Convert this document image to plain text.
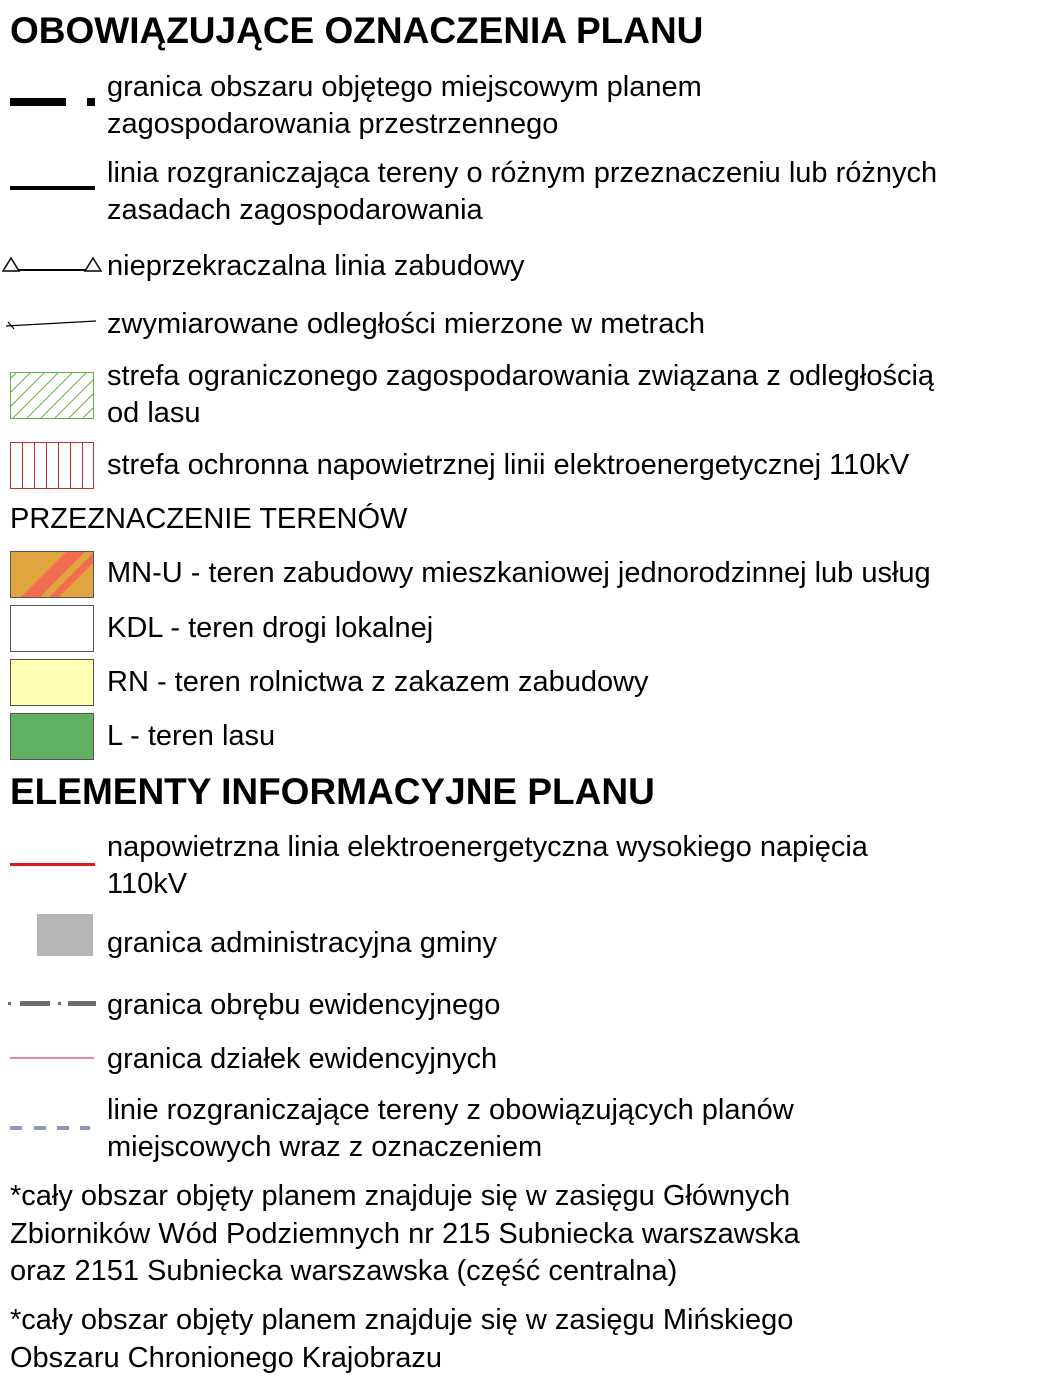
OBOWIĄZUJĄCE OZNACZENIA PLANU
granica obszaru objętego miejscowym planem
zagospodarowania przestrzennego
linia rozgraniczająca tereny o różnym przeznaczeniu lub różnych
zasadach zagospodarowania
nieprzekraczalna linia zabudowy
zwymiarowane odległości mierzone w metrach
strefa ograniczonego zagospodarowania związana z odległością
od lasu
strefa ochronna napowietrznej linii elektroenergetycznej 110kV
PRZEZNACZENIE TERENÓW
MN-U - teren zabudowy mieszkaniowej jednorodzinnej lub usług
KDL - teren drogi lokalnej
RN - teren rolnictwa z zakazem zabudowy
L - teren lasu
ELEMENTY INFORMACYJNE PLANU
napowietrzna linia elektroenergetyczna wysokiego napięcia
110kV
granica administracyjna gminy
granica obrębu ewidencyjnego
granica działek ewidencyjnych
linie rozgraniczające tereny z obowiązujących planów
miejscowych wraz z oznaczeniem
*cały obszar objęty planem znajduje się w zasięgu Głównych
Zbiorników Wód Podziemnych nr 215 Subniecka warszawska
oraz 2151 Subniecka warszawska (część centralna)
*cały obszar objęty planem znajduje się w zasięgu Mińskiego
Obszaru Chronionego Krajobrazu
